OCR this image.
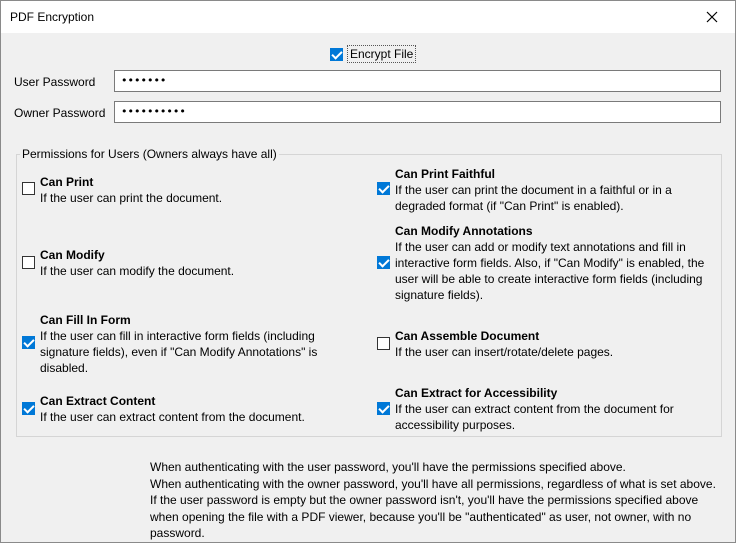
PDF Encryption
Encrypt File
User Password	•••••••
Owner Password	••••••••••
Permissions for Users (Owners always have all)
Can Print
If the user can print the document.
Can Modify
If the user can modify the document.
Can Fill In Form
If the user can fill in interactive form fields (including signature fields), even if "Can Modify Annotations" is disabled.
Can Extract Content
If the user can extract content from the document.
Can Print Faithful
If the user can print the document in a faithful or in a degraded format (if "Can Print" is enabled).
Can Modify Annotations
If the user can add or modify text annotations and fill in interactive form fields. Also, if "Can Modify" is enabled, the user will be able to create interactive form fields (including signature fields).
Can Assemble Document
If the user can insert/rotate/delete pages.
Can Extract for Accessibility
If the user can extract content from the document for accessibility purposes.
When authenticating with the user password, you'll have the permissions specified above.
When authenticating with the owner password, you'll have all permissions, regardless of what is set above.
If the user password is empty but the owner password isn't, you'll have the permissions specified above when opening the file with a PDF viewer, because you'll be "authenticated" as user, not owner, with no password.
